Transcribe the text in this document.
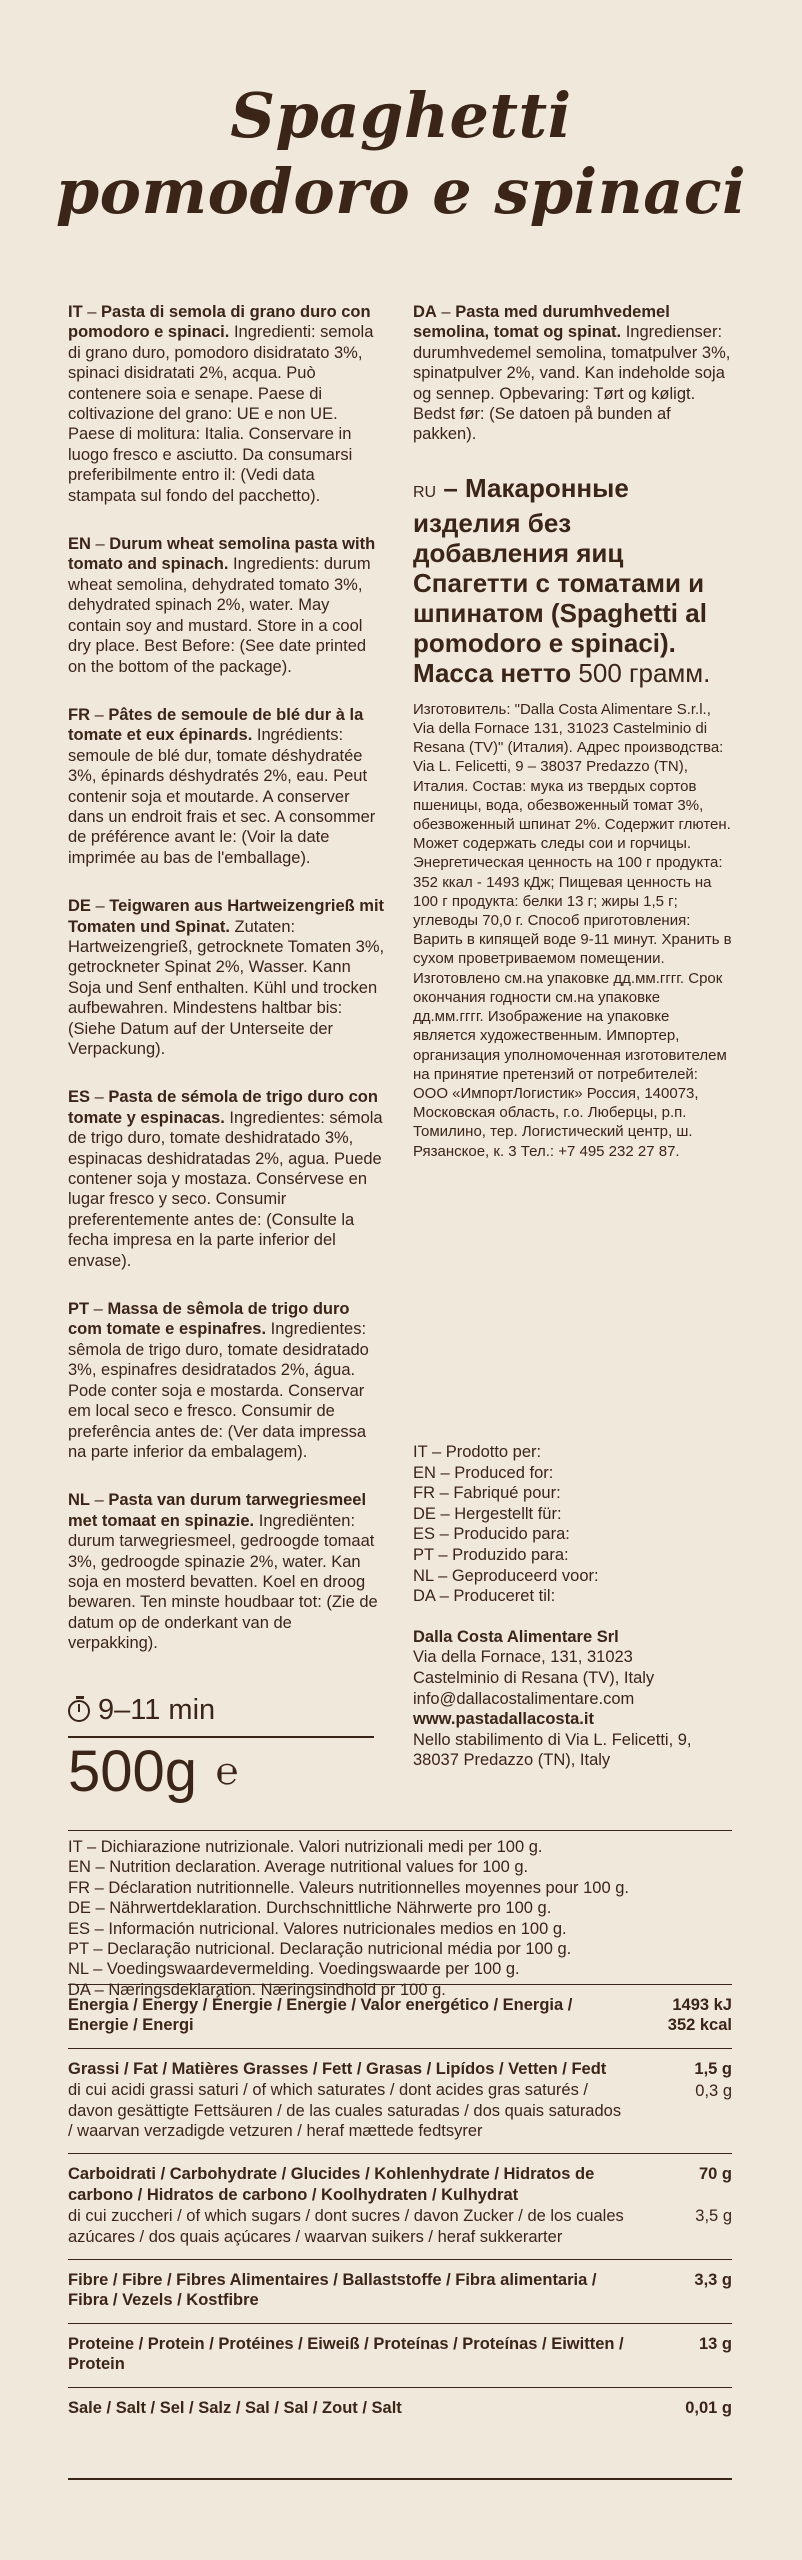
Spaghetti
pomodoro e spinaci

IT – Pasta di semola di grano duro con pomodoro e spinaci. Ingredienti: semola di grano duro, pomodoro disidratato 3%, spinaci disidratati 2%, acqua. Può contenere soia e senape. Paese di coltivazione del grano: UE e non UE. Paese di molitura: Italia. Conservare in luogo fresco e asciutto. Da consumarsi preferibilmente entro il: (Vedi data stampata sul fondo del pacchetto).

EN – Durum wheat semolina pasta with tomato and spinach. Ingredients: durum wheat semolina, dehydrated tomato 3%, dehydrated spinach 2%, water. May contain soy and mustard. Store in a cool dry place. Best Before: (See date printed on the bottom of the package).

FR – Pâtes de semoule de blé dur à la tomate et eux épinards. Ingrédients: semoule de blé dur, tomate déshydratée 3%, épinards déshydratés 2%, eau. Peut contenir soja et moutarde. A conserver dans un endroit frais et sec. A consommer de préférence avant le: (Voir la date imprimée au bas de l'emballage).

DE – Teigwaren aus Hartweizengrieß mit Tomaten und Spinat. Zutaten: Hartweizengrieß, getrocknete Tomaten 3%, getrockneter Spinat 2%, Wasser. Kann Soja und Senf enthalten. Kühl und trocken aufbewahren. Mindestens haltbar bis: (Siehe Datum auf der Unterseite der Verpackung).

ES – Pasta de sémola de trigo duro con tomate y espinacas. Ingredientes: sémola de trigo duro, tomate deshidratado 3%, espinacas deshidratadas 2%, agua. Puede contener soja y mostaza. Consérvese en lugar fresco y seco. Consumir preferentemente antes de: (Consulte la fecha impresa en la parte inferior del envase).

PT – Massa de sêmola de trigo duro com tomate e espinafres. Ingredientes: sêmola de trigo duro, tomate desidratado 3%, espinafres desidratados 2%, água. Pode conter soja e mostarda. Conservar em local seco e fresco. Consumir de preferência antes de: (Ver data impressa na parte inferior da embalagem).

NL – Pasta van durum tarwegriesmeel met tomaat en spinazie. Ingrediënten: durum tarwegriesmeel, gedroogde tomaat 3%, gedroogde spinazie 2%, water. Kan soja en mosterd bevatten. Koel en droog bewaren. Ten minste houdbaar tot: (Zie de datum op de onderkant van de verpakking).

DA – Pasta med durumhvedemel semolina, tomat og spinat. Ingredienser: durumhvedemel semolina, tomatpulver 3%, spinatpulver 2%, vand. Kan indeholde soja og sennep. Opbevaring: Tørt og køligt. Bedst før: (Se datoen på bunden af pakken).

RU – Макаронные изделия без добавления яиц Спагетти с томатами и шпинатом (Spaghetti al pomodoro e spinaci). Масса нетто 500 грамм.
Изготовитель: "Dalla Costa Alimentare S.r.l., Via della Fornace 131, 31023 Castelminio di Resana (TV)" (Италия). Адрес производства: Via L. Felicetti, 9 – 38037 Predazzo (TN), Италия. Состав: мука из твердых сортов пшеницы, вода, обезвоженный томат 3%, обезвоженный шпинат 2%. Содержит глютен. Может содержать следы сои и горчицы. Энергетическая ценность на 100 г продукта: 352 ккал - 1493 кДж; Пищевая ценность на 100 г продукта: белки 13 г; жиры 1,5 г; углеводы 70,0 г. Способ приготовления: Варить в кипящей воде 9-11 минут. Хранить в сухом проветриваемом помещении. Изготовлено см.на упаковке дд.мм.гггг. Срок окончания годности см.на упаковке дд.мм.гггг. Изображение на упаковке является художественным. Импортер, организация уполномоченная изготовителем на принятие претензий от потребителей: ООО «ИмпортЛогистик» Россия, 140073, Московская область, г.о. Люберцы, р.п. Томилино, тер. Логистический центр, ш. Рязанское, к. 3 Тел.: +7 495 232 27 87.
IT – Prodotto per:
EN – Produced for:
FR – Fabriqué pour:
DE – Hergestellt für:
ES – Producido para:
PT – Produzido para:
NL – Geproduceerd voor:
DA – Produceret til:
Dalla Costa Alimentare Srl
Via della Fornace, 131, 31023
Castelminio di Resana (TV), Italy
info@dallacostalimentare.com
www.pastadallacosta.it
Nello stabilimento di Via L. Felicetti, 9,
38037 Predazzo (TN), Italy
9–11 min
500g ℮
IT – Dichiarazione nutrizionale. Valori nutrizionali medi per 100 g.
EN – Nutrition declaration. Average nutritional values for 100 g.
FR – Déclaration nutritionnelle. Valeurs nutritionnelles moyennes pour 100 g.
DE – Nährwertdeklaration. Durchschnittliche Nährwerte pro 100 g.
ES – Información nutricional. Valores nutricionales medios en 100 g.
PT – Declaração nutricional. Declaração nutricional média por 100 g.
NL – Voedingswaardevermelding. Voedingswaarde per 100 g.
DA – Næringsdeklaration. Næringsindhold pr 100 g.
Energia / Energy / Énergie / Energie / Valor energético / Energia / Energie / Energi
1493 kJ
352 kcal
Grassi / Fat / Matières Grasses / Fett / Grasas / Lipídos / Vetten / Fedt	1,5 g
di cui acidi grassi saturi / of which saturates / dont acides gras saturés / davon gesättigte Fettsäuren / de las cuales saturadas / dos quais saturados / waarvan verzadigde vetzuren / heraf mættede fedtsyrer
0,3 g
Carboidrati / Carbohydrate / Glucides / Kohlenhydrate / Hidratos de carbono / Hidratos de carbono / Koolhydraten / Kulhydrat
70 g
di cui zuccheri / of which sugars / dont sucres / davon Zucker / de los cuales azúcares / dos quais açúcares / waarvan suikers / heraf sukkerarter
3,5 g
Fibre / Fibre / Fibres Alimentaires / Ballaststoffe / Fibra alimentaria / Fibra / Vezels / Kostfibre
3,3 g
Proteine / Protein / Protéines / Eiweiß / Proteínas / Proteínas / Eiwitten / Protein
13 g
Sale / Salt / Sel / Salz / Sal / Sal / Zout / Salt	0,01 g
